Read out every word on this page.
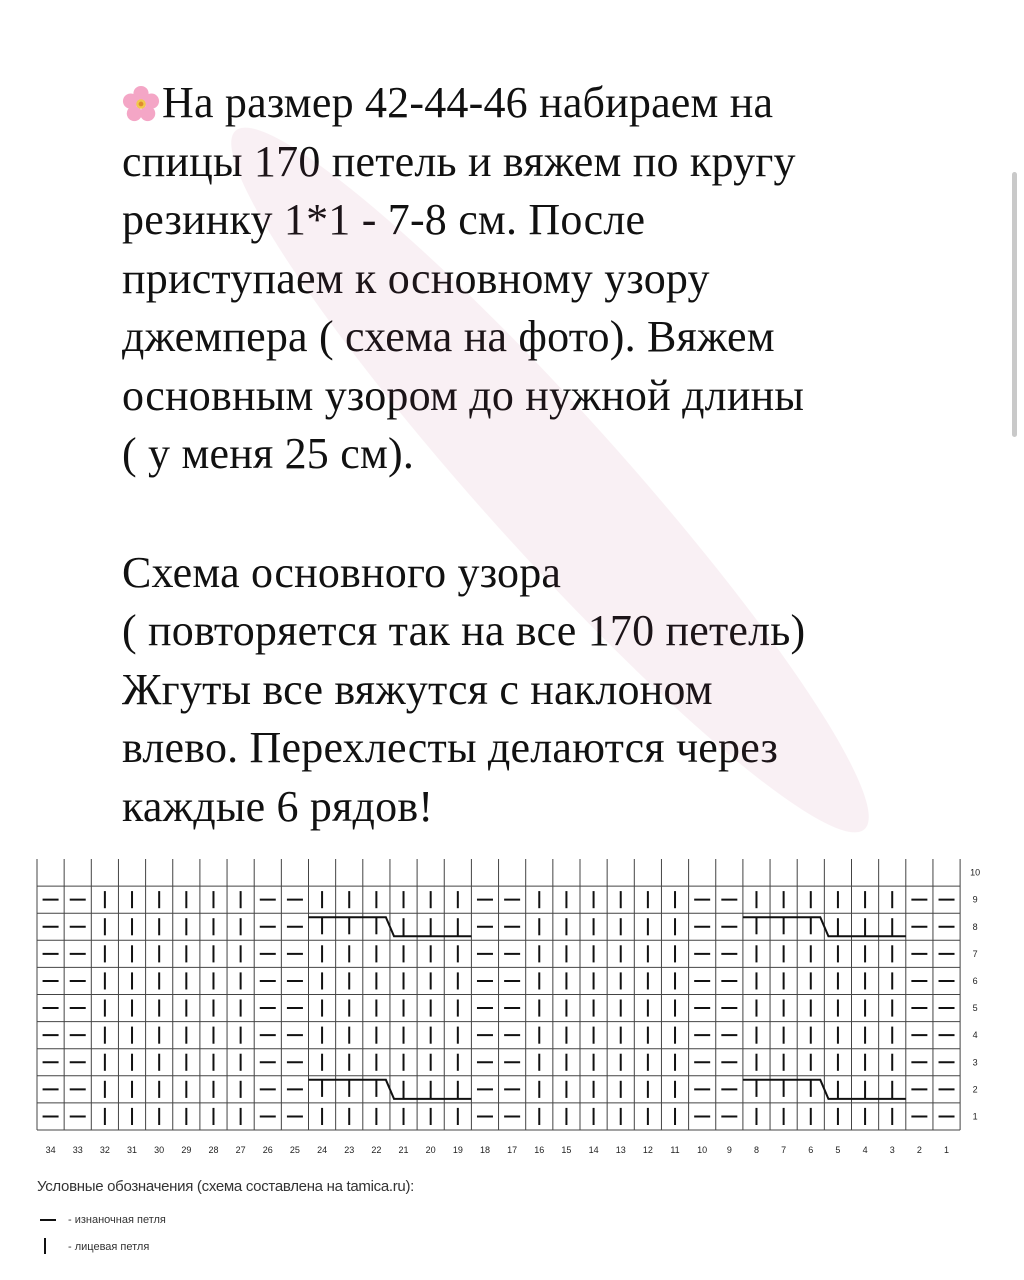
На размер 42-44-46 набираем на
спицы 170 петель и вяжем по кругу
резинку 1*1 - 7-8 см. После
приступаем к основному узору
джемпера ( схема на фото). Вяжем
основным узором до нужной длины
( у меня 25 см).
Схема основного узора
( повторяется так на все 170 петель)
Жгуты все вяжутся с наклоном
влево. Перехлесты делаются через
каждые 6 рядов!
34 33 32 31 30 29 28 27 26 25 24 23 22 21 20 19 18 17 16 15 14 13 12 11 10 9 8 7 6 5 4 3 2 1
10
9
8
7
6
5
4
3
2
1
Условные обозначения (схема составлена на tamica.ru):
- изнаночная петля
- лицевая петля
